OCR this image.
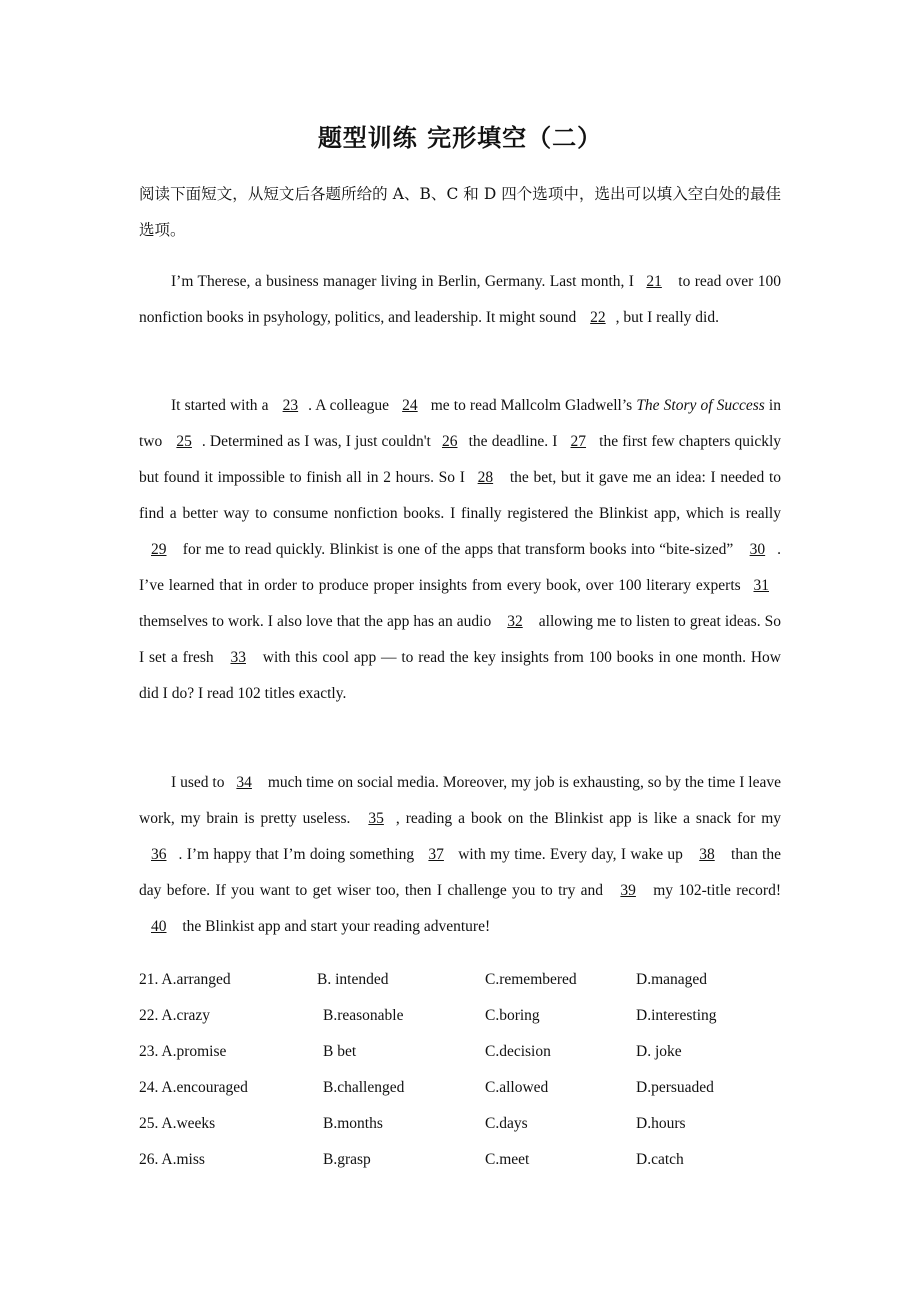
题型训练 完形填空（二）
阅读下面短文，从短文后各题所给的 A、B、C 和 D 四个选项中，选出可以填入空白处的最佳选项。
I’m Therese, a business manager living in Berlin, Germany. Last month, I 21 to read over 100 nonfiction books in psyhology, politics, and leadership. It might sound 22 , but I really did.
It started with a 23 . A colleague 24 me to read Mallcolm Gladwell’s The Story of Success in two 25 . Determined as I was, I just couldn't 26 the deadline. I 27 the first few chapters quickly but found it impossible to finish all in 2 hours. So I 28 the bet, but it gave me an idea: I needed to find a better way to consume nonfiction books. I finally registered the Blinkist app, which is really 29 for me to read quickly. Blinkist is one of the apps that transform books into “bite-sized” 30 . I’ve learned that in order to produce proper insights from every book, over 100 literary experts 31 themselves to work. I also love that the app has an audio 32 allowing me to listen to great ideas. So I set a fresh 33 with this cool app — to read the key insights from 100 books in one month. How did I do? I read 102 titles exactly.
I used to 34 much time on social media. Moreover, my job is exhausting, so by the time I leave work, my brain is pretty useless. 35 , reading a book on the Blinkist app is like a snack for my 36 . I’m happy that I’m doing something 37 with my time. Every day, I wake up 38 than the day before. If you want to get wiser too, then I challenge you to try and 39 my 102-title record! 40 the Blinkist app and start your reading adventure!
21. A.arranged	B. intended	C.remembered	D.managed
22. A.crazy	B.reasonable	C.boring	D.interesting
23. A.promise	B bet	C.decision	D. joke
24. A.encouraged	B.challenged	C.allowed	D.persuaded
25. A.weeks	B.months	C.days	D.hours
26. A.miss	B.grasp	C.meet	D.catch
